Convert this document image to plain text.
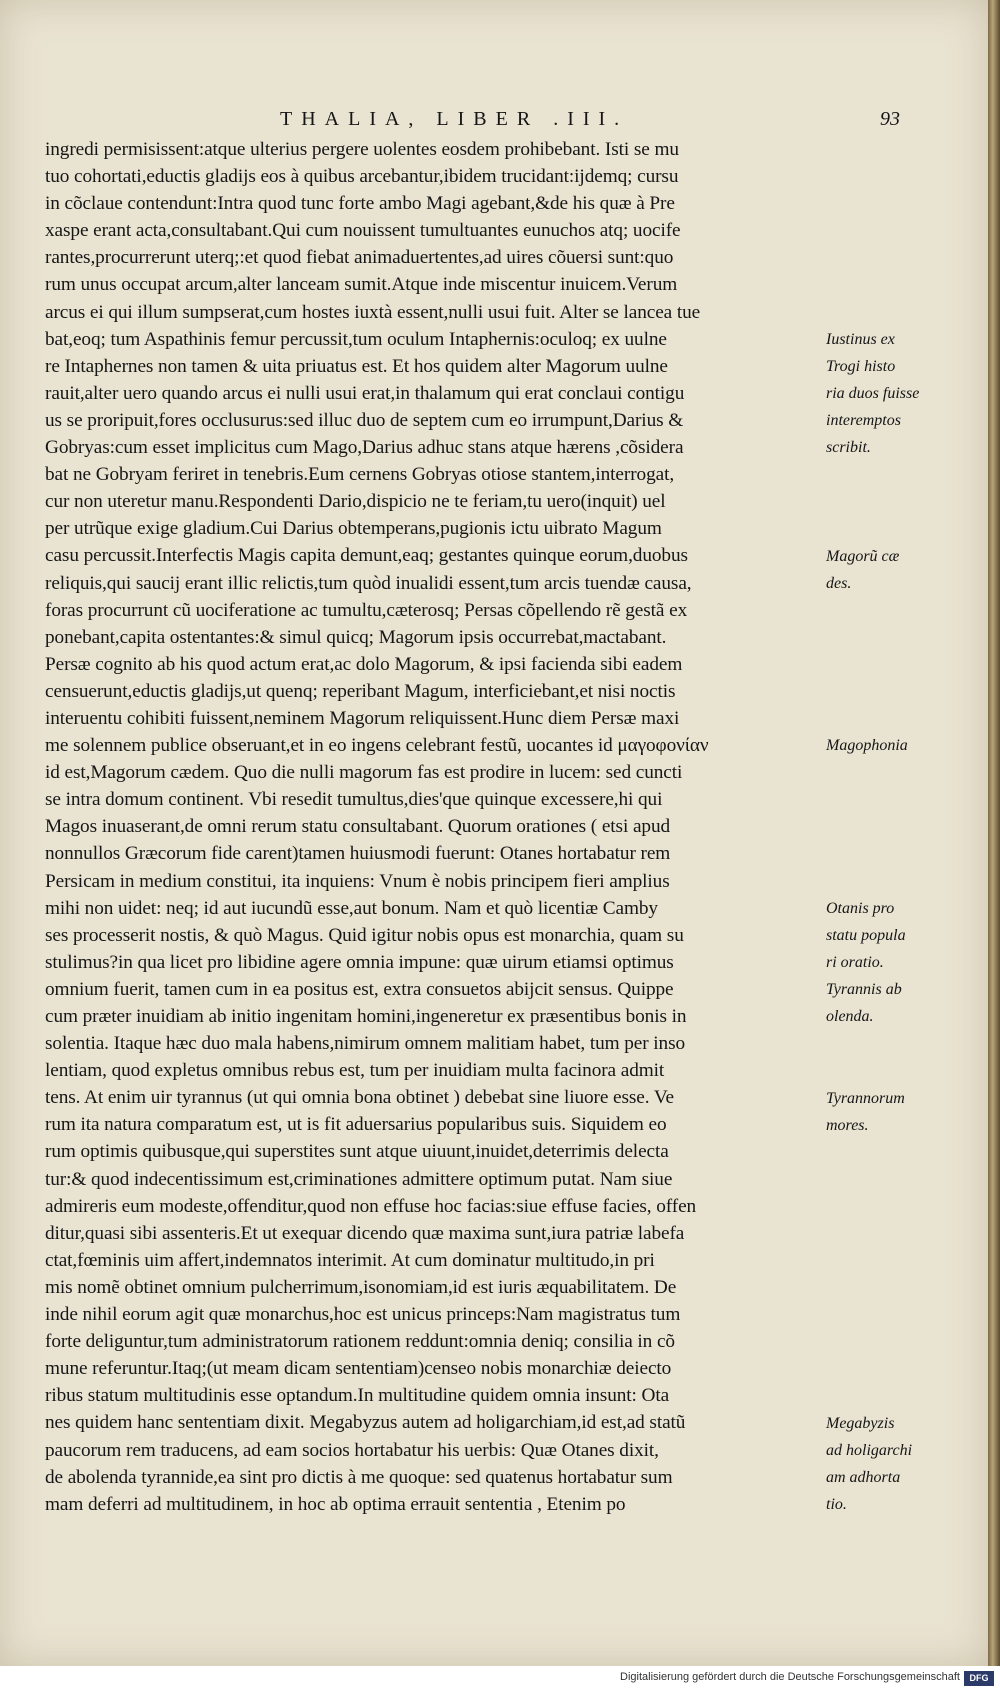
THALIA, LIBER .III.	93
ingredi permisissent:atque ulterius pergere uolentes eosdem prohibebant. Isti se mu
tuo cohortati,eductis gladijs eos à quibus arcebantur,ibidem trucidant:ijdemq; cursu
in cõclaue contendunt:Intra quod tunc forte ambo Magi agebant,&de his quæ à Pre
xaspe erant acta,consultabant.Qui cum nouissent tumultuantes eunuchos atq; uocife
rantes,procurrerunt uterq;:et quod fiebat animaduertentes,ad uires cõuersi sunt:quo
rum unus occupat arcum,alter lanceam sumit.Atque inde miscentur inuicem.Verum
arcus ei qui illum sumpserat,cum hostes iuxtà essent,nulli usui fuit. Alter se lancea tue
bat,eoq; tum Aspathinis femur percussit,tum oculum Intaphernis:oculoq; ex uulne
re Intaphernes non tamen & uita priuatus est. Et hos quidem alter Magorum uulne
rauit,alter uero quando arcus ei nulli usui erat,in thalamum qui erat conclaui contigu
us se proripuit,fores occlusurus:sed illuc duo de septem cum eo irrumpunt,Darius &
Gobryas:cum esset implicitus cum Mago,Darius adhuc stans atque hærens ,cõsidera
bat ne Gobryam feriret in tenebris.Eum cernens Gobryas otiose stantem,interrogat,
cur non uteretur manu.Respondenti Dario,dispicio ne te feriam,tu uero(inquit) uel
per utrũque exige gladium.Cui Darius obtemperans,pugionis ictu uibrato Magum
casu percussit.Interfectis Magis capita demunt,eaq; gestantes quinque eorum,duobus
reliquis,qui saucij erant illic relictis,tum quòd inualidi essent,tum arcis tuendæ causa,
foras procurrunt cũ uociferatione ac tumultu,cæterosq; Persas cõpellendo rẽ gestã ex
ponebant,capita ostentantes:& simul quicq; Magorum ipsis occurrebat,mactabant.
Persæ cognito ab his quod actum erat,ac dolo Magorum, & ipsi facienda sibi eadem
censuerunt,eductis gladijs,ut quenq; reperibant Magum, interficiebant,et nisi noctis
interuentu cohibiti fuissent,neminem Magorum reliquissent.Hunc diem Persæ maxi
me solennem publice obseruant,et in eo ingens celebrant festũ, uocantes id μαγοφονίαν
id est,Magorum cædem. Quo die nulli magorum fas est prodire in lucem: sed cuncti
se intra domum continent. Vbi resedit tumultus,dies'que quinque excessere,hi qui
Magos inuaserant,de omni rerum statu consultabant. Quorum orationes ( etsi apud
nonnullos Græcorum fide carent)tamen huiusmodi fuerunt: Otanes hortabatur rem
Persicam in medium constitui, ita inquiens: Vnum è nobis principem fieri amplius
mihi non uidet: neq; id aut iucundũ esse,aut bonum. Nam et quò licentiæ Camby
ses processerit nostis, & quò Magus. Quid igitur nobis opus est monarchia, quam su
stulimus?in qua licet pro libidine agere omnia impune: quæ uirum etiamsi optimus
omnium fuerit, tamen cum in ea positus est, extra consuetos abijcit sensus. Quippe
cum præter inuidiam ab initio ingenitam homini,ingeneretur ex præsentibus bonis in
solentia. Itaque hæc duo mala habens,nimirum omnem malitiam habet, tum per inso
lentiam, quod expletus omnibus rebus est, tum per inuidiam multa facinora admit
tens. At enim uir tyrannus (ut qui omnia bona obtinet ) debebat sine liuore esse. Ve
rum ita natura comparatum est, ut is fit aduersarius popularibus suis. Siquidem eo
rum optimis quibusque,qui superstites sunt atque uiuunt,inuidet,deterrimis delecta
tur:& quod indecentissimum est,criminationes admittere optimum putat. Nam siue
admireris eum modeste,offenditur,quod non effuse hoc facias:siue effuse facies, offen
ditur,quasi sibi assenteris.Et ut exequar dicendo quæ maxima sunt,iura patriæ labefa
ctat,fœminis uim affert,indemnatos interimit. At cum dominatur multitudo,in pri
mis nomẽ obtinet omnium pulcherrimum,isonomiam,id est iuris æquabilitatem. De
inde nihil eorum agit quæ monarchus,hoc est unicus princeps:Nam magistratus tum
forte deliguntur,tum administratorum rationem reddunt:omnia deniq; consilia in cõ
mune referuntur.Itaq;(ut meam dicam sententiam)censeo nobis monarchiæ deiecto
ribus statum multitudinis esse optandum.In multitudine quidem omnia insunt: Ota
nes quidem hanc sententiam dixit. Megabyzus autem ad holigarchiam,id est,ad statũ
paucorum rem traducens, ad eam socios hortabatur his uerbis: Quæ Otanes dixit,
de abolenda tyrannide,ea sint pro dictis à me quoque: sed quatenus hortabatur sum
mam deferri ad multitudinem, in hoc ab optima errauit sententia , Etenim po
Iustinus ex
Trogi histo
ria duos fuisse
interemptos
scribit.
Magorũ cæ
des.
Magophonia
Otanis pro
statu popula
ri oratio.
Tyrannis ab
olenda.
Tyrannorum
mores.
Megabyzis
ad holigarchi
am adhorta
tio.
Digitalisierung gefördert durch die Deutsche Forschungsgemeinschaft	DFG
